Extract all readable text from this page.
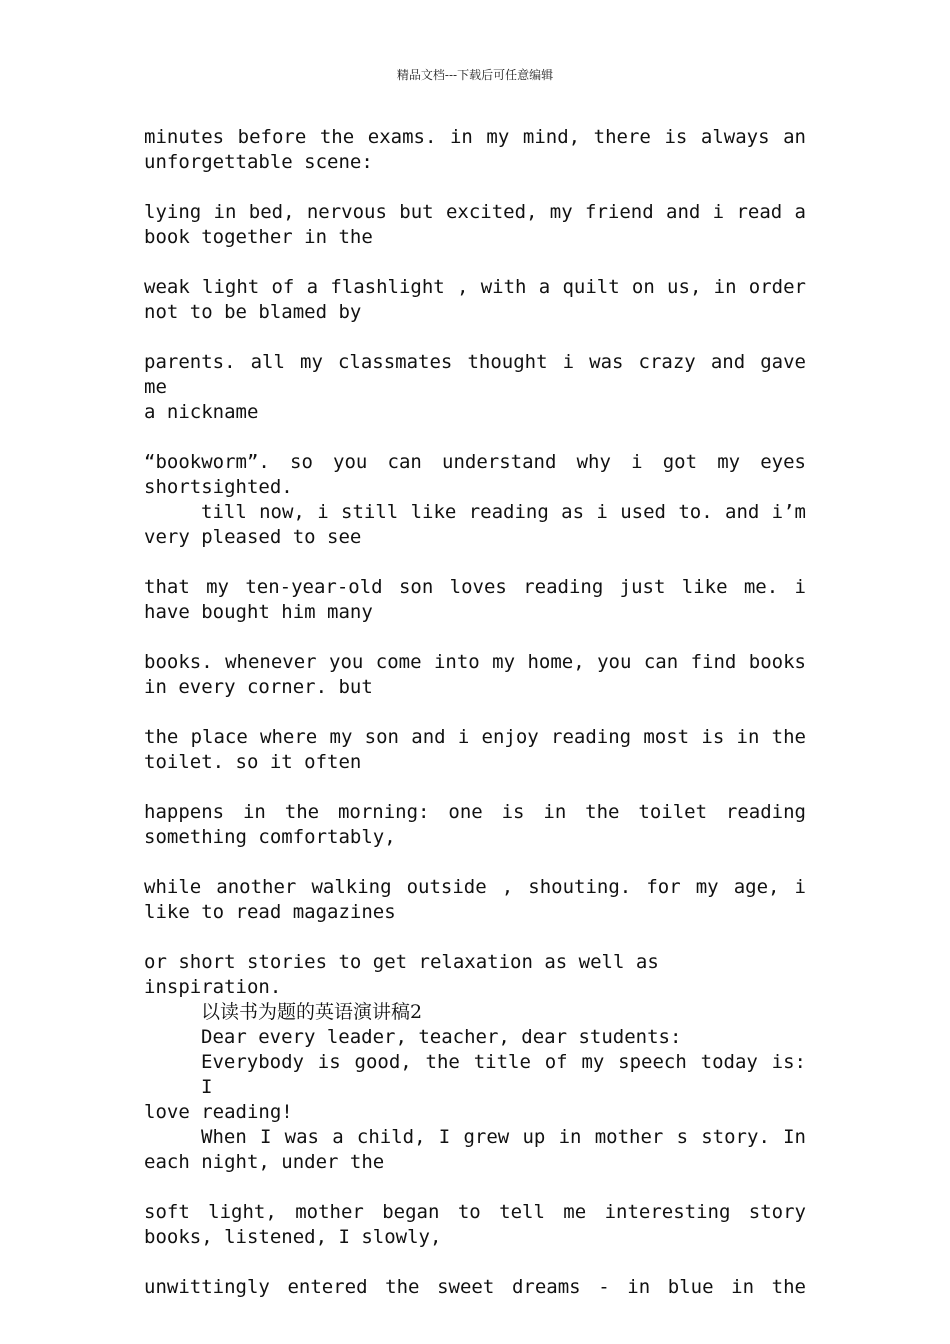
精品文档---下载后可任意编辑
minutes before the exams. in my mind, there is always an
unforgettable scene:
lying in bed, nervous but excited, my friend and i read a
book together in the
weak light of a flashlight , with a quilt on us, in order
not to be blamed by
parents. all my classmates thought i was crazy and gave me
a nickname
“bookworm”. so you can understand why i got my eyes
shortsighted.
till now, i still like reading as i used to. and i’m
very pleased to see
that my ten-year-old son loves reading just like me. i
have bought him many
books. whenever you come into my home, you can find books
in every corner. but
the place where my son and i enjoy reading most is in the
toilet. so it often
happens in the morning: one is in the toilet reading
something comfortably,
while another walking outside , shouting. for my age, i
like to read magazines
or short stories to get relaxation as well as inspiration.
以读书为题的英语演讲稿2
Dear every leader, teacher, dear students:
Everybody is good, the title of my speech today is: I
love reading!
When I was a child, I grew up in mother s story. In
each night, under the
soft light, mother began to tell me interesting story
books, listened, I slowly,
unwittingly entered the sweet dreams - in blue in the
